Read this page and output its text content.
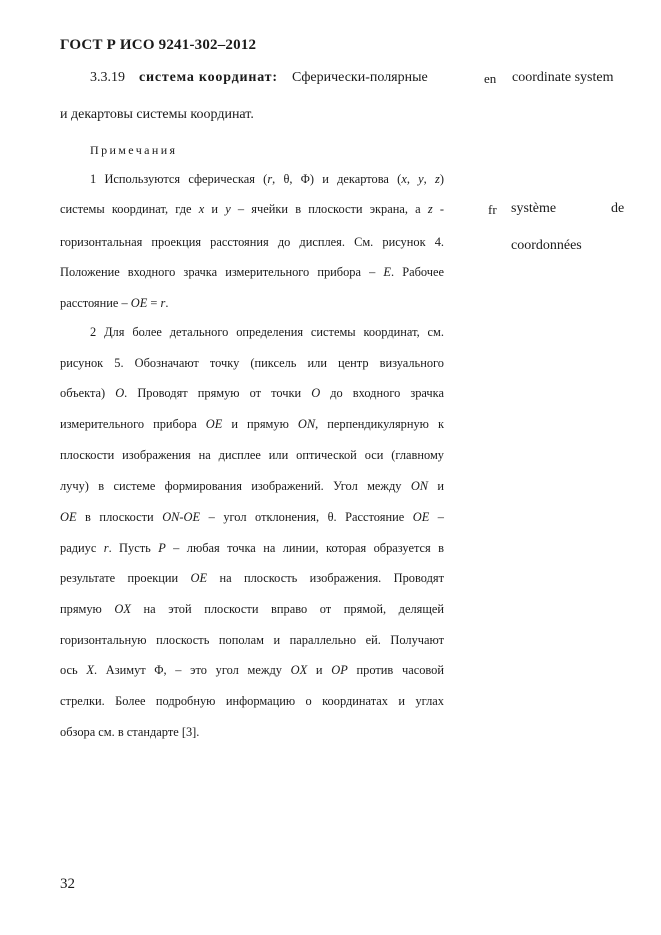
ГОСТ Р ИСО 9241-302–2012
3.3.19 система координат: Сферически-полярные	en coordinate system
и декартовы системы координат.
Примечания
1 Используются сферическая (r, θ, Φ) и декартова (x, y, z)
системы координат, где x и y – ячейки в плоскости экрана, а z -
горизонтальная проекция расстояния до дисплея. См. рисунок 4.
Положение входного зрачка измерительного прибора – E. Рабочее
расстояние – OE = r.
fr système	de
coordonnées
2 Для более детального определения системы координат, см.
рисунок 5. Обозначают точку (пиксель или центр визуального
объекта) O. Проводят прямую от точки O до входного зрачка
измерительного прибора OE и прямую ON, перпендикулярную к
плоскости изображения на дисплее или оптической оси (главному
лучу) в системе формирования изображений. Угол между ON и
OE в плоскости ON-OE – угол отклонения, θ. Расстояние OE –
радиус r. Пусть P – любая точка на линии, которая образуется в
результате проекции OE на плоскость изображения. Проводят
прямую OX на этой плоскости вправо от прямой, делящей
горизонтальную плоскость пополам и параллельно ей. Получают
ось X. Азимут Φ, – это угол между OX и OP против часовой
стрелки. Более подробную информацию о координатах и углах
обзора см. в стандарте [3].
32
